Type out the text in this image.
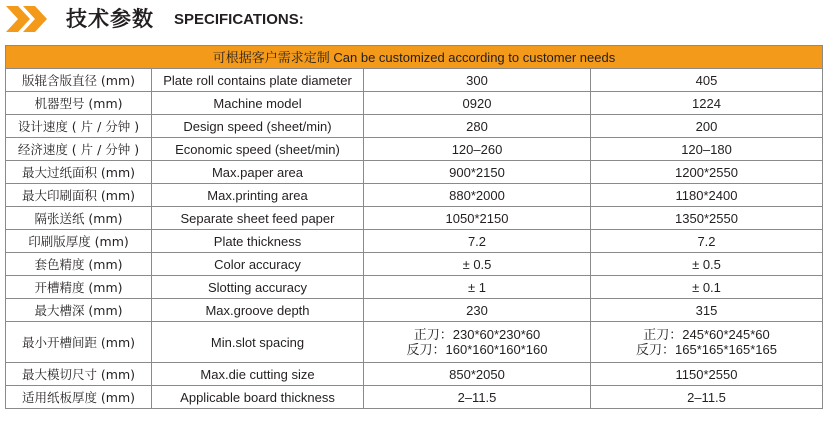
技术参数 SPECIFICATIONS:
可根据客户需求定制 Can be customized according to customer needs			
版辊含版直径 (mm)	Plate roll contains plate diameter	300	405

机器型号 (mm)	Machine model	0920	1224

设计速度 ( 片 / 分钟 )	Design speed (sheet/min)	280	200

经济速度 ( 片 / 分钟 )	Economic speed (sheet/min)	120–260	120–180

最大过纸面积 (mm)	Max.paper area	900*2150	1200*2550

最大印刷面积 (mm)	Max.printing area	880*2000	1180*2400

隔张送纸 (mm)	Separate sheet feed paper	1050*2150	1350*2550

印刷版厚度 (mm)	Plate thickness	7.2	7.2

套色精度 (mm)	Color accuracy	± 0.5	± 0.5

开槽精度 (mm)	Slotting accuracy	± 1	± 0.1

最大槽深 (mm)	Max.groove depth	230	315

最小开槽间距 (mm)	Min.slot spacing	正刀：230*60*230*60
反刀：160*160*160*160	正刀：245*60*245*60
反刀：165*165*165*165

最大模切尺寸 (mm)	Max.die cutting size	850*2050	1150*2550

适用纸板厚度 (mm)	Applicable board thickness	2–11.5	2–11.5
